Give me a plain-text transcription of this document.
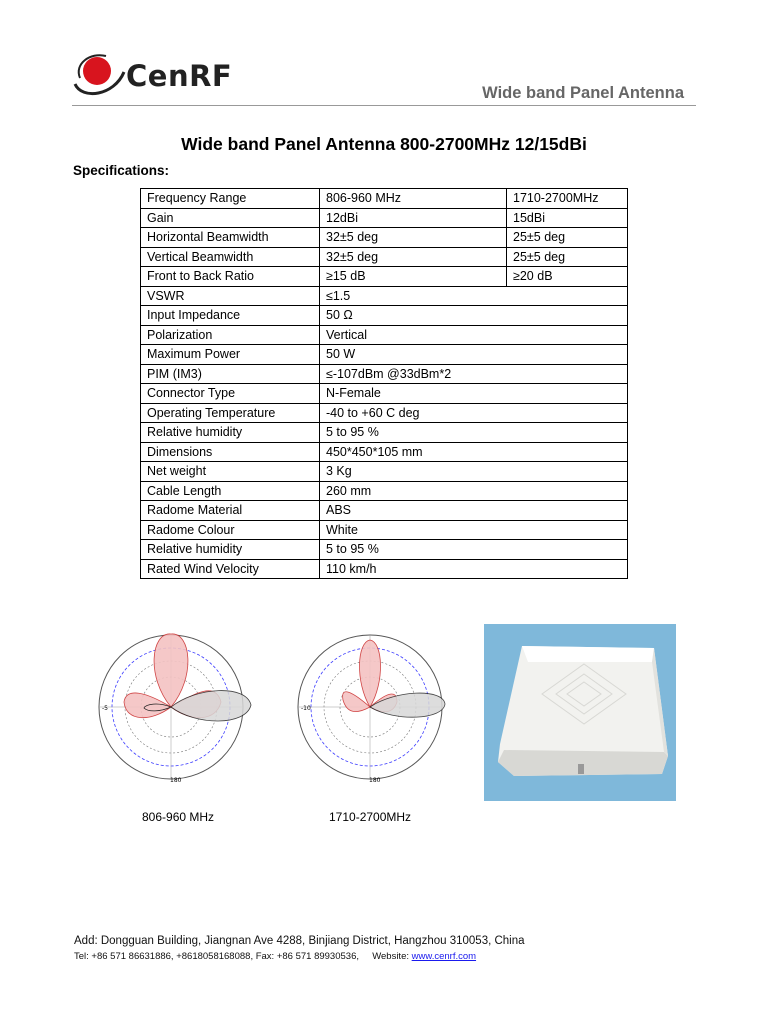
CenRF	Wide band Panel Antenna
Wide band Panel Antenna 800-2700MHz 12/15dBi
Specifications:
Frequency Range	806-960 MHz	1710-2700MHz
Gain	12dBi	15dBi
Horizontal Beamwidth	32±5 deg	25±5 deg
Vertical Beamwidth	32±5 deg	25±5 deg
Front to Back Ratio	≥15 dB	≥20 dB
VSWR	≤1.5	
Input Impedance	50 Ω	
Polarization	Vertical	
Maximum Power	50 W	
PIM (IM3)	≤-107dBm @33dBm*2	
Connector Type	N-Female	
Operating Temperature	-40 to +60 C deg	
Relative humidity	5 to 95 %	
Dimensions	450*450*105 mm	
Net weight	3 Kg	
Cable Length	260 mm	
Radome Material	ABS	
Radome Colour	White	
Relative humidity	5 to 95 %	
Rated Wind Velocity	110 km/h	
-5
180
806-960 MHz
-10
180
1710-2700MHz
Add: Dongguan Building, Jiangnan Ave 4288, Binjiang District, Hangzhou 310053, China
Tel: +86 571 86631886, +8618058168088, Fax: +86 571 89930536, Website: www.cenrf.com
